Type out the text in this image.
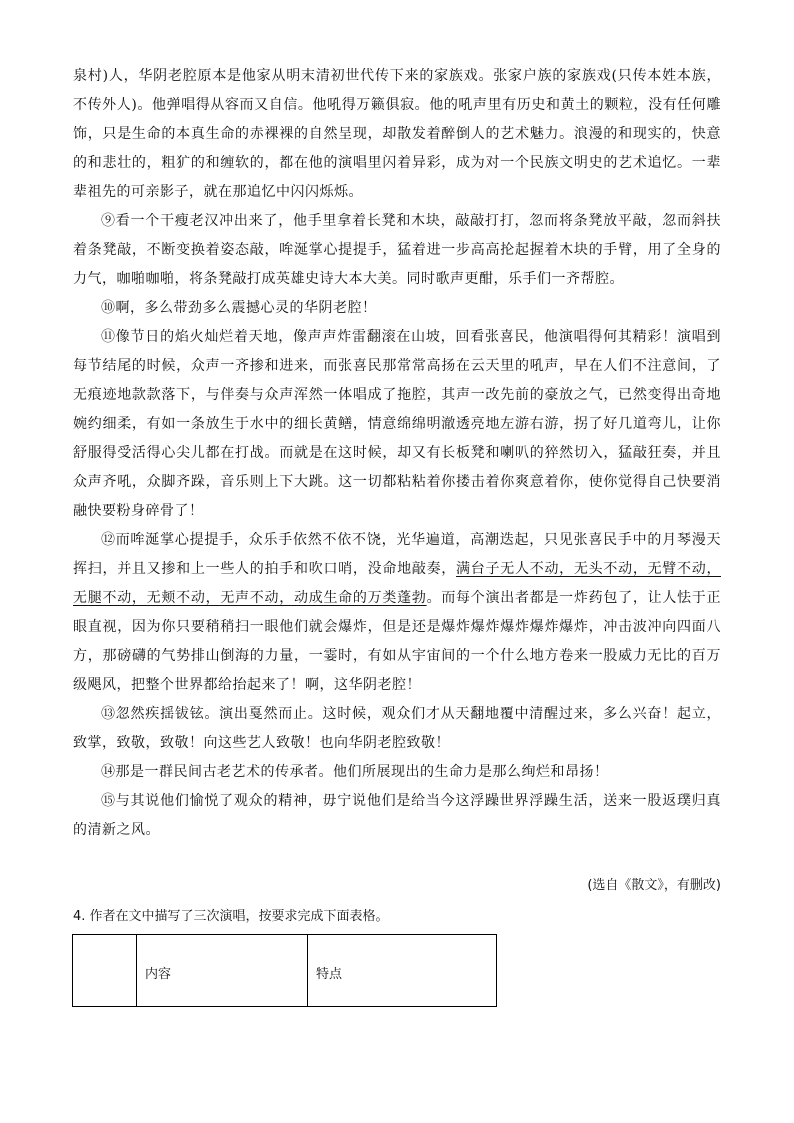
泉村)人，华阴老腔原本是他家从明末清初世代传下来的家族戏。张家户族的家族戏(只传本姓本族，不传外人)。他弹唱得从容而又自信。他吼得万籁俱寂。他的吼声里有历史和黄土的颗粒，没有任何雕饰，只是生命的本真生命的赤裸裸的自然呈现，却散发着醉倒人的艺术魅力。浪漫的和现实的，快意的和悲壮的，粗犷的和缠软的，都在他的演唱里闪着异彩，成为对一个民族文明史的艺术追忆。一辈辈祖先的可亲影子，就在那追忆中闪闪烁烁。

⑨看一个干瘦老汉冲出来了，他手里拿着长凳和木块，敲敲打打，忽而将条凳放平敲，忽而斜扶着条凳敲，不断变换着姿态敲，哞涎掌心提提手，猛着进一步高高抡起握着木块的手臂，用了全身的力气，咖啪咖啪，将条凳敲打成英雄史诗大本大美。同时歌声更酣，乐手们一齐帮腔。

⑩啊，多么带劲多么震撼心灵的华阴老腔！

⑪像节日的焰火灿烂着天地，像声声炸雷翻滚在山坡，回看张喜民，他演唱得何其精彩！演唱到每节结尾的时候，众声一齐掺和进来，而张喜民那常常高扬在云天里的吼声，早在人们不注意间，了无痕迹地款款落下，与伴奏与众声浑然一体唱成了拖腔，其声一改先前的豪放之气，已然变得出奇地婉约细柔，有如一条放生于水中的细长黄鳝，情意绵绵明澈透亮地左游右游，拐了好几道弯儿，让你舒服得受活得心尖儿都在打战。而就是在这时候，却又有长板凳和喇叭的猝然切入，猛敲狂奏，并且众声齐吼，众脚齐跺，音乐则上下大跳。这一切都粘粘着你搂击着你爽意着你，使你觉得自己快要消融快要粉身碎骨了！

⑫而哞涎掌心提提手，众乐手依然不依不饶，光华遍道，高潮迭起，只见张喜民手中的月琴漫天挥扫，并且又掺和上一些人的拍手和吹口哨，没命地敲奏，满台子无人不动，无头不动，无臂不动，无腿不动，无颊不动，无声不动，动成生命的万类蓬勃。而每个演出者都是一炸药包了，让人怯于正眼直视，因为你只要稍稍扫一眼他们就会爆炸，但是还是爆炸爆炸爆炸爆炸爆炸，冲击波冲向四面八方，那磅礴的气势排山倒海的力量，一霎时，有如从宇宙间的一个什么地方卷来一股威力无比的百万级飓风，把整个世界都给抬起来了！啊，这华阴老腔！

⑬忽然疾揺钹铉。演出戛然而止。这时候，观众们才从天翻地覆中清醒过来，多么兴奋！起立，致掌，致敬，致敬！向这些艺人致敬！也向华阴老腔致敬！

⑭那是一群民间古老艺术的传承者。他们所展现出的生命力是那么绚烂和昂扬！

⑮与其说他们愉悦了观众的精神，毋宁说他们是给当今这浮躁世界浮躁生活，送来一股返璞归真的清新之风。

(选自《散文》，有删改)
4. 作者在文中描写了三次演唱，按要求完成下面表格。
	内容	特点
